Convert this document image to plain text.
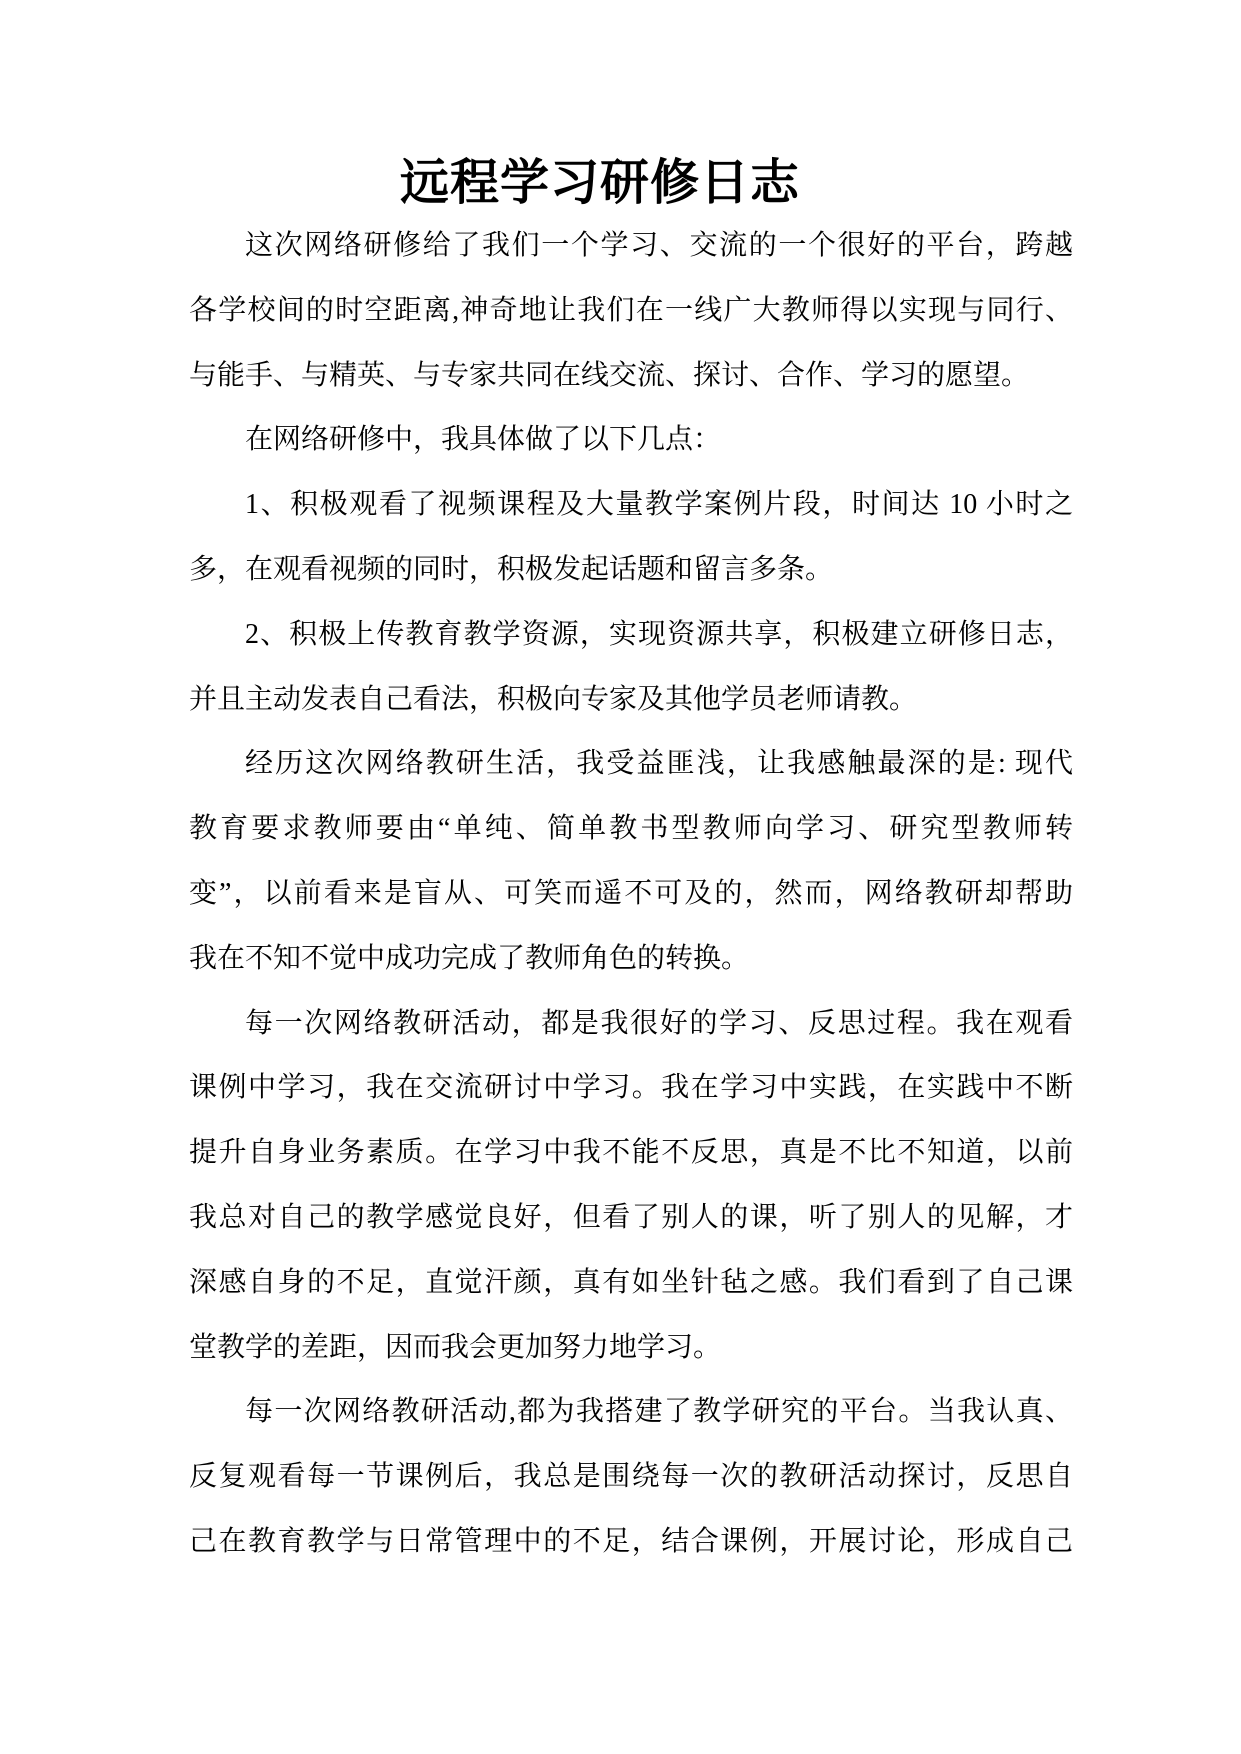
远程学习研修日志
这次网络研修给了我们一个学习、交流的一个很好的平台，跨越
各学校间的时空距离,神奇地让我们在一线广大教师得以实现与同行、
与能手、与精英、与专家共同在线交流、探讨、合作、学习的愿望。
在网络研修中，我具体做了以下几点：
1、积极观看了视频课程及大量教学案例片段，时间达 10 小时之
多，在观看视频的同时，积极发起话题和留言多条。
2、积极上传教育教学资源，实现资源共享，积极建立研修日志，
并且主动发表自己看法，积极向专家及其他学员老师请教。
经历这次网络教研生活，我受益匪浅，让我感触最深的是: 现代
教育要求教师要由“单纯、简单教书型教师向学习、研究型教师转
变”，以前看来是盲从、可笑而遥不可及的，然而，网络教研却帮助
我在不知不觉中成功完成了教师角色的转换。
每一次网络教研活动，都是我很好的学习、反思过程。我在观看
课例中学习，我在交流研讨中学习。我在学习中实践，在实践中不断
提升自身业务素质。在学习中我不能不反思，真是不比不知道，以前
我总对自己的教学感觉良好，但看了别人的课，听了别人的见解，才
深感自身的不足，直觉汗颜，真有如坐针毡之感。我们看到了自己课
堂教学的差距，因而我会更加努力地学习。
每一次网络教研活动,都为我搭建了教学研究的平台。当我认真、
反复观看每一节课例后，我总是围绕每一次的教研活动探讨，反思自
己在教育教学与日常管理中的不足，结合课例，开展讨论，形成自己
